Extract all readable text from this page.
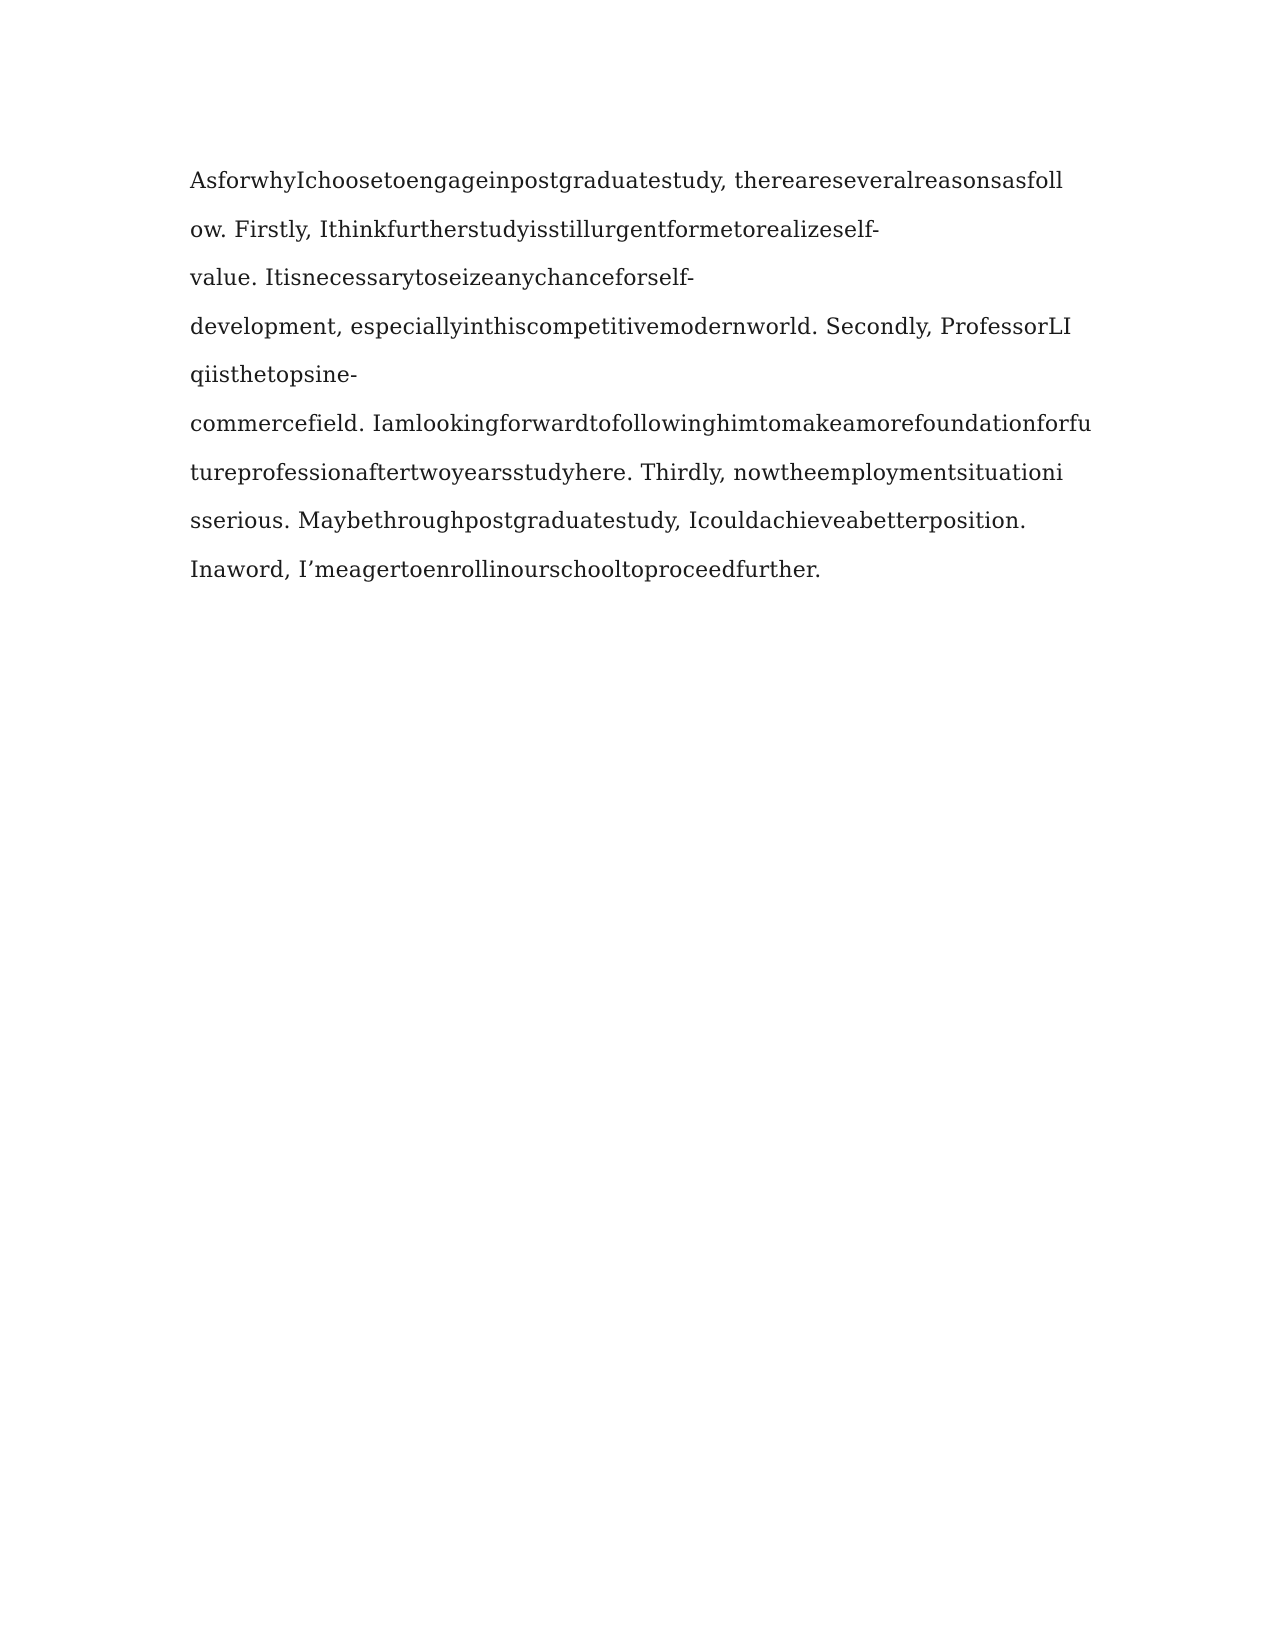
AsforwhyIchoosetoengageinpostgraduatestudy, thereareseveralreasonsasfoll
ow. Firstly, Ithinkfurtherstudyisstillurgentformetorealizeself-
value. Itisnecessarytoseizeanychanceforself-
development, especiallyinthiscompetitivemodernworld. Secondly, ProfessorLI
qiisthetopsine-
commercefield. Iamlookingforwardtofollowinghimtomakeamorefoundationforfu
tureprofessionaftertwoyearsstudyhere. Thirdly, nowtheemploymentsituationi
sserious. Maybethroughpostgraduatestudy, Icouldachieveabetterposition.
Inaword, I’meagertoenrollinourschooltoproceedfurther.
